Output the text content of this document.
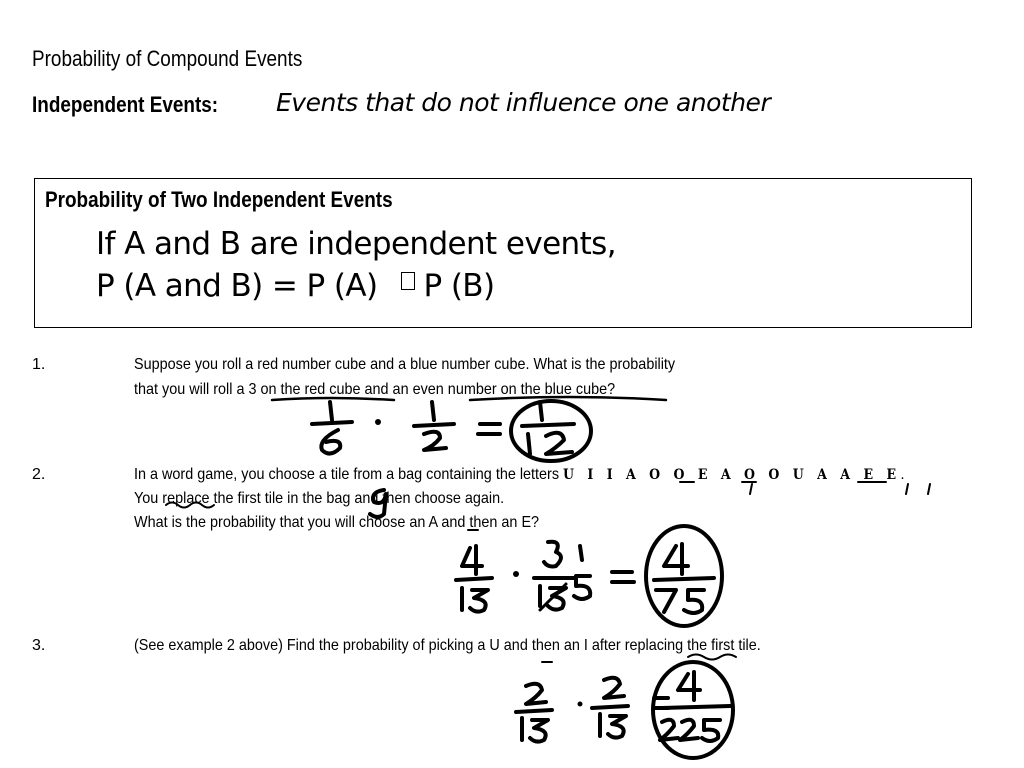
Probability of Compound Events
Independent Events: Events that do not influence one another
Probability of Two Independent Events
If A and B are independent events,
P (A and B) = P (A) P (B)
1.	Suppose you roll a red number cube and a blue number cube. What is the probability
that you will roll a 3 on the red cube and an even number on the blue cube?
2.	In a word game, you choose a tile from a bag containing the letters U I I A O O E A O O U A A E E.
You replace the first tile in the bag and then choose again.
What is the probability that you will choose an A and then an E?
3.	(See example 2 above) Find the probability of picking a U and then an I after replacing the first tile.
